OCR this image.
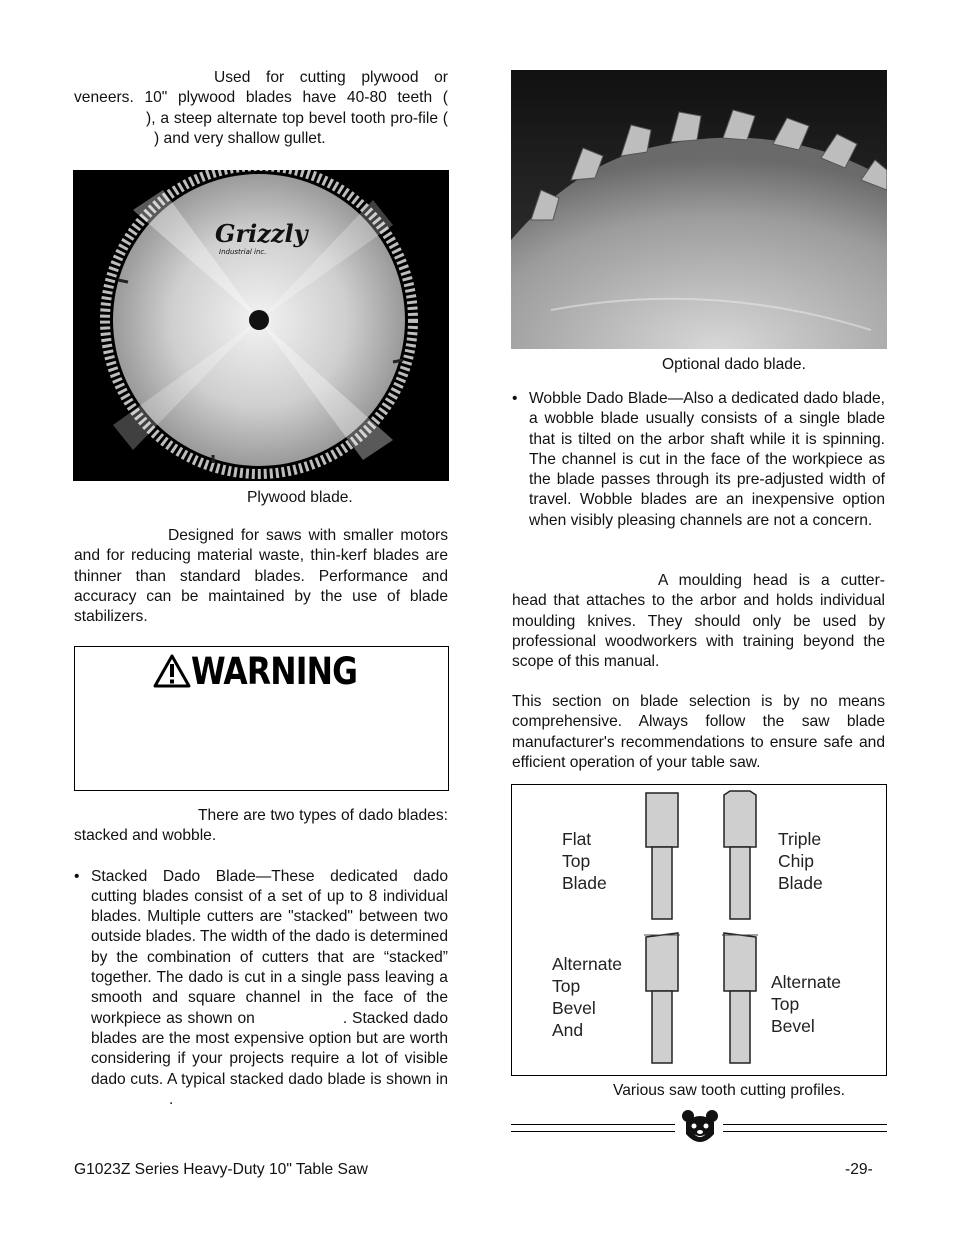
Used for cutting plywood or veneers. 10" plywood blades have 40-80 teeth (), a steep alternate top bevel tooth pro-file () and very shallow gullet.

Grizzly
Industrial inc.
Plywood blade.

Designed for saws with smaller motors and for reducing material waste, thin-kerf blades are thinner than standard blades. Performance and accuracy can be maintained by the use of blade stabilizers.

WARNING

There are two types of dado blades: stacked and wobble.

• Stacked Dado Blade—These dedicated dado cutting blades consist of a set of up to 8 individual blades. Multiple cutters are "stacked" between two outside blades. The width of the dado is determined by the combination of cutters that are “stacked” together. The dado is cut in a single pass leaving a smooth and square channel in the face of the workpiece as shown on	. Stacked dado blades are the most expensive option but are worth considering if your projects require a lot of visible dado cuts. A typical stacked dado blade is shown in.
Optional dado blade.
• Wobble Dado Blade—Also a dedicated dado blade, a wobble blade usually consists of a single blade that is tilted on the arbor shaft while it is spinning. The channel is cut in the face of the workpiece as the blade passes through its pre-adjusted width of travel. Wobble blades are an inexpensive option when visibly pleasing channels are not a concern.

A moulding head is a cutter-head that attaches to the arbor and holds individual moulding knives. They should only be used by professional woodworkers with training beyond the scope of this manual.

This section on blade selection is by no means comprehensive. Always follow the saw blade manufacturer's recommendations to ensure safe and efficient operation of your table saw.

Flat
Top
Blade
Triple
Chip
Blade
Alternate
Top
Bevel
And
Alternate
Top
Bevel
Various saw tooth cutting profiles.
G1023Z Series Heavy-Duty 10" Table Saw	-29-
